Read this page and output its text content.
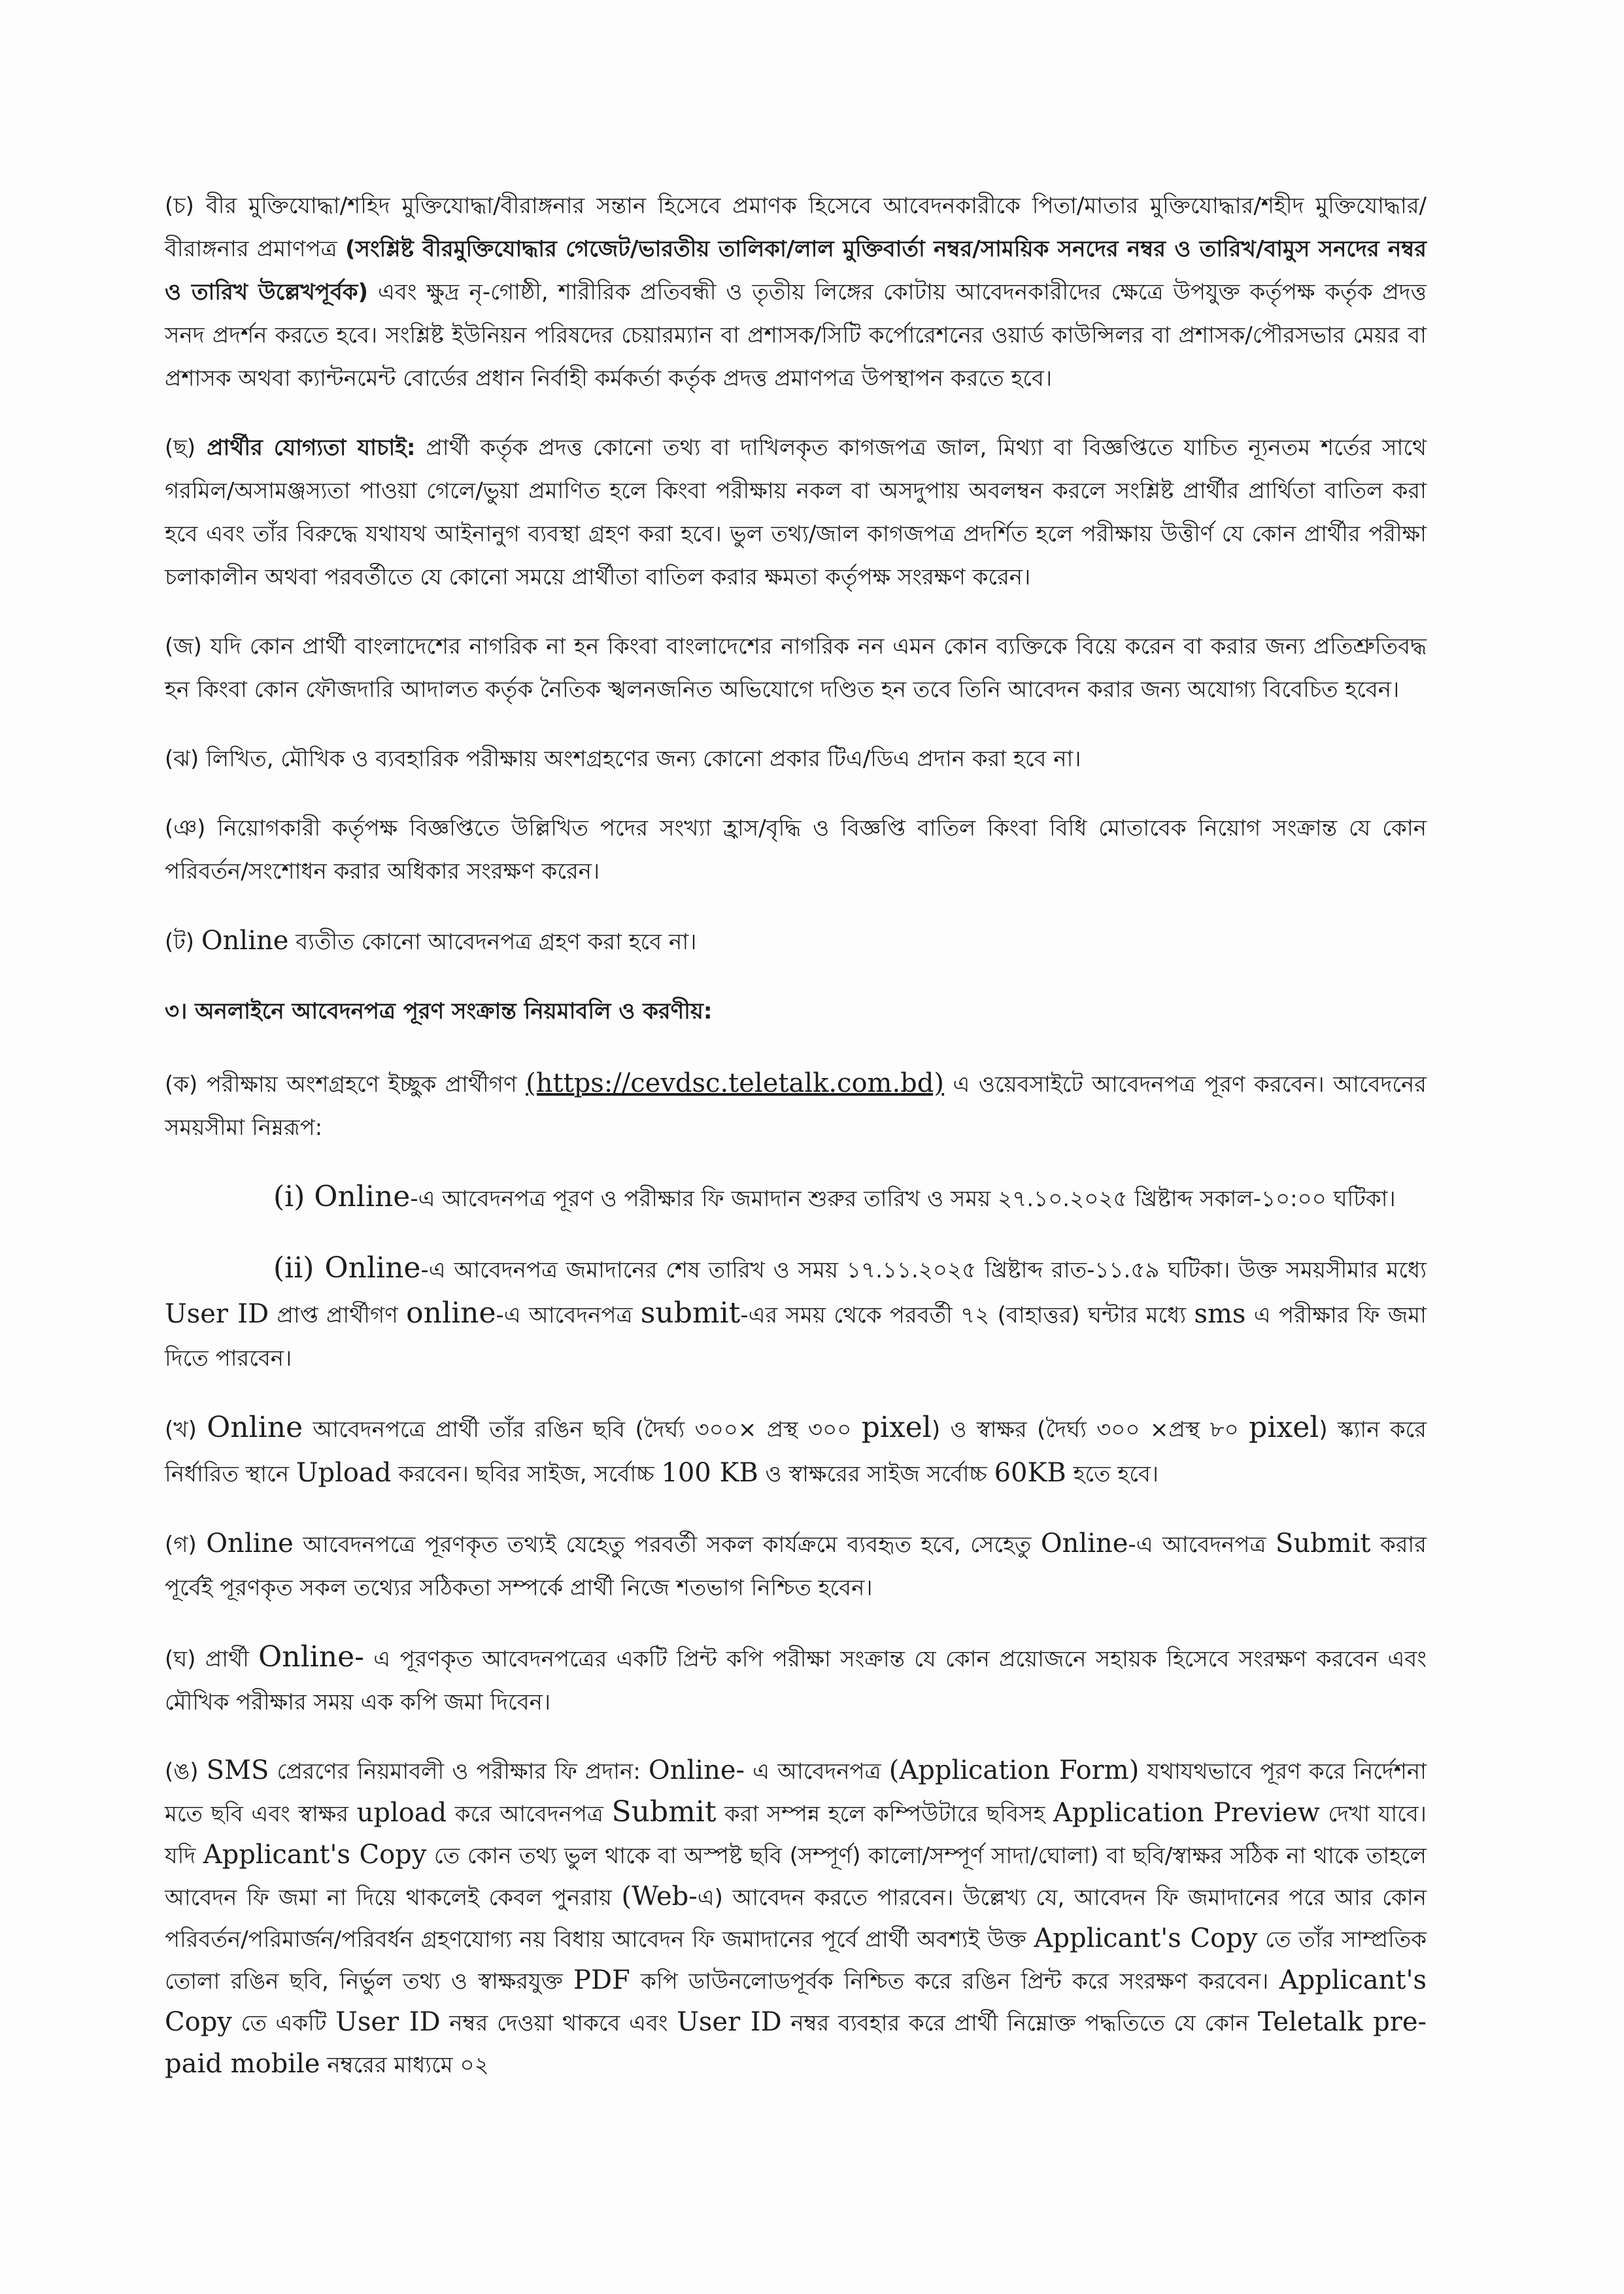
(চ) বীর মুক্তিযোদ্ধা/শহিদ মুক্তিযোদ্ধা/বীরাঙ্গনার সন্তান হিসেবে প্রমাণক হিসেবে আবেদনকারীকে পিতা/মাতার মুক্তিযোদ্ধার/শহীদ মুক্তিযোদ্ধার/বীরাঙ্গনার প্রমাণপত্র (সংশ্লিষ্ট বীরমুক্তিযোদ্ধার গেজেট/ভারতীয় তালিকা/লাল মুক্তিবার্তা নম্বর/সাময়িক সনদের নম্বর ও তারিখ/বামুস সনদের নম্বর ও তারিখ উল্লেখপূর্বক) এবং ক্ষুদ্র নৃ-গোষ্ঠী, শারীরিক প্রতিবন্ধী ও তৃতীয় লিঙ্গের কোটায় আবেদনকারীদের ক্ষেত্রে উপযুক্ত কর্তৃপক্ষ কর্তৃক প্রদত্ত সনদ প্রদর্শন করতে হবে। সংশ্লিষ্ট ইউনিয়ন পরিষদের চেয়ারম্যান বা প্রশাসক/সিটি কর্পোরেশনের ওয়ার্ড কাউন্সিলর বা প্রশাসক/পৌরসভার মেয়র বা প্রশাসক অথবা ক্যান্টনমেন্ট বোর্ডের প্রধান নির্বাহী কর্মকর্তা কর্তৃক প্রদত্ত প্রমাণপত্র উপস্থাপন করতে হবে।

(ছ) প্রার্থীর যোগ্যতা যাচাই: প্রার্থী কর্তৃক প্রদত্ত কোনো তথ্য বা দাখিলকৃত কাগজপত্র জাল, মিথ্যা বা বিজ্ঞপ্তিতে যাচিত ন্যূনতম শর্তের সাথে গরমিল/অসামঞ্জস্যতা পাওয়া গেলে/ভুয়া প্রমাণিত হলে কিংবা পরীক্ষায় নকল বা অসদুপায় অবলম্বন করলে সংশ্লিষ্ট প্রার্থীর প্রার্থিতা বাতিল করা হবে এবং তাঁর বিরুদ্ধে যথাযথ আইনানুগ ব্যবস্থা গ্রহণ করা হবে। ভুল তথ্য/জাল কাগজপত্র প্রদর্শিত হলে পরীক্ষায় উত্তীর্ণ যে কোন প্রার্থীর পরীক্ষা চলাকালীন অথবা পরবর্তীতে যে কোনো সময়ে প্রার্থীতা বাতিল করার ক্ষমতা কর্তৃপক্ষ সংরক্ষণ করেন।

(জ) যদি কোন প্রার্থী বাংলাদেশের নাগরিক না হন কিংবা বাংলাদেশের নাগরিক নন এমন কোন ব্যক্তিকে বিয়ে করেন বা করার জন্য প্রতিশ্রুতিবদ্ধ হন কিংবা কোন ফৌজদারি আদালত কর্তৃক নৈতিক স্খলনজনিত অভিযোগে দণ্ডিত হন তবে তিনি আবেদন করার জন্য অযোগ্য বিবেচিত হবেন।

(ঝ) লিখিত, মৌখিক ও ব্যবহারিক পরীক্ষায় অংশগ্রহণের জন্য কোনো প্রকার টিএ/ডিএ প্রদান করা হবে না।

(ঞ) নিয়োগকারী কর্তৃপক্ষ বিজ্ঞপ্তিতে উল্লিখিত পদের সংখ্যা হ্রাস/বৃদ্ধি ও বিজ্ঞপ্তি বাতিল কিংবা বিধি মোতাবেক নিয়োগ সংক্রান্ত যে কোন পরিবর্তন/সংশোধন করার অধিকার সংরক্ষণ করেন।

(ট) Online ব্যতীত কোনো আবেদনপত্র গ্রহণ করা হবে না।

৩। অনলাইনে আবেদনপত্র পূরণ সংক্রান্ত নিয়মাবলি ও করণীয়:

(ক) পরীক্ষায় অংশগ্রহণে ইচ্ছুক প্রার্থীগণ (https://cevdsc.teletalk.com.bd) এ ওয়েবসাইটে আবেদনপত্র পূরণ করবেন। আবেদনের সময়সীমা নিম্নরূপ:

(i) Online-এ আবেদনপত্র পূরণ ও পরীক্ষার ফি জমাদান শুরুর তারিখ ও সময় ২৭.১০.২০২৫ খ্রিষ্টাব্দ সকাল-১০:০০ ঘটিকা।

(ii) Online-এ আবেদনপত্র জমাদানের শেষ তারিখ ও সময় ১৭.১১.২০২৫ খ্রিষ্টাব্দ রাত-১১.৫৯ ঘটিকা। উক্ত সময়সীমার মধ্যে User ID প্রাপ্ত প্রার্থীগণ online-এ আবেদনপত্র submit-এর সময় থেকে পরবর্তী ৭২ (বাহাত্তর) ঘন্টার মধ্যে sms এ পরীক্ষার ফি জমা দিতে পারবেন।

(খ) Online আবেদনপত্রে প্রার্থী তাঁর রঙিন ছবি (দৈর্ঘ্য ৩০০× প্রস্থ ৩০০ pixel) ও স্বাক্ষর (দৈর্ঘ্য ৩০০ ×প্রস্থ ৮০ pixel) স্ক্যান করে নির্ধারিত স্থানে Upload করবেন। ছবির সাইজ, সর্বোচ্চ 100 KB ও স্বাক্ষরের সাইজ সর্বোচ্চ 60KB হতে হবে।

(গ) Online আবেদনপত্রে পূরণকৃত তথ্যই যেহেতু পরবর্তী সকল কার্যক্রমে ব্যবহৃত হবে, সেহেতু Online-এ আবেদনপত্র Submit করার পূর্বেই পূরণকৃত সকল তথ্যের সঠিকতা সম্পর্কে প্রার্থী নিজে শতভাগ নিশ্চিত হবেন।

(ঘ) প্রার্থী Online- এ পূরণকৃত আবেদনপত্রের একটি প্রিন্ট কপি পরীক্ষা সংক্রান্ত যে কোন প্রয়োজনে সহায়ক হিসেবে সংরক্ষণ করবেন এবং মৌখিক পরীক্ষার সময় এক কপি জমা দিবেন।

(ঙ) SMS প্রেরণের নিয়মাবলী ও পরীক্ষার ফি প্রদান: Online- এ আবেদনপত্র (Application Form) যথাযথভাবে পূরণ করে নির্দেশনা মতে ছবি এবং স্বাক্ষর upload করে আবেদনপত্র Submit করা সম্পন্ন হলে কম্পিউটারে ছবিসহ Application Preview দেখা যাবে। যদি Applicant's Copy তে কোন তথ্য ভুল থাকে বা অস্পষ্ট ছবি (সম্পূর্ণ) কালো/সম্পূর্ণ সাদা/ঘোলা) বা ছবি/স্বাক্ষর সঠিক না থাকে তাহলে আবেদন ফি জমা না দিয়ে থাকলেই কেবল পুনরায় (Web-এ) আবেদন করতে পারবেন। উল্লেখ্য যে, আবেদন ফি জমাদানের পরে আর কোন পরিবর্তন/পরিমার্জন/পরিবর্ধন গ্রহণযোগ্য নয় বিধায় আবেদন ফি জমাদানের পূর্বে প্রার্থী অবশ্যই উক্ত Applicant's Copy তে তাঁর সাম্প্রতিক তোলা রঙিন ছবি, নির্ভুল তথ্য ও স্বাক্ষরযুক্ত PDF কপি ডাউনলোডপূর্বক নিশ্চিত করে রঙিন প্রিন্ট করে সংরক্ষণ করবেন। Applicant's Copy তে একটি User ID নম্বর দেওয়া থাকবে এবং User ID নম্বর ব্যবহার করে প্রার্থী নিম্নোক্ত পদ্ধতিতে যে কোন Teletalk pre-paid mobile নম্বরের মাধ্যমে ০২
